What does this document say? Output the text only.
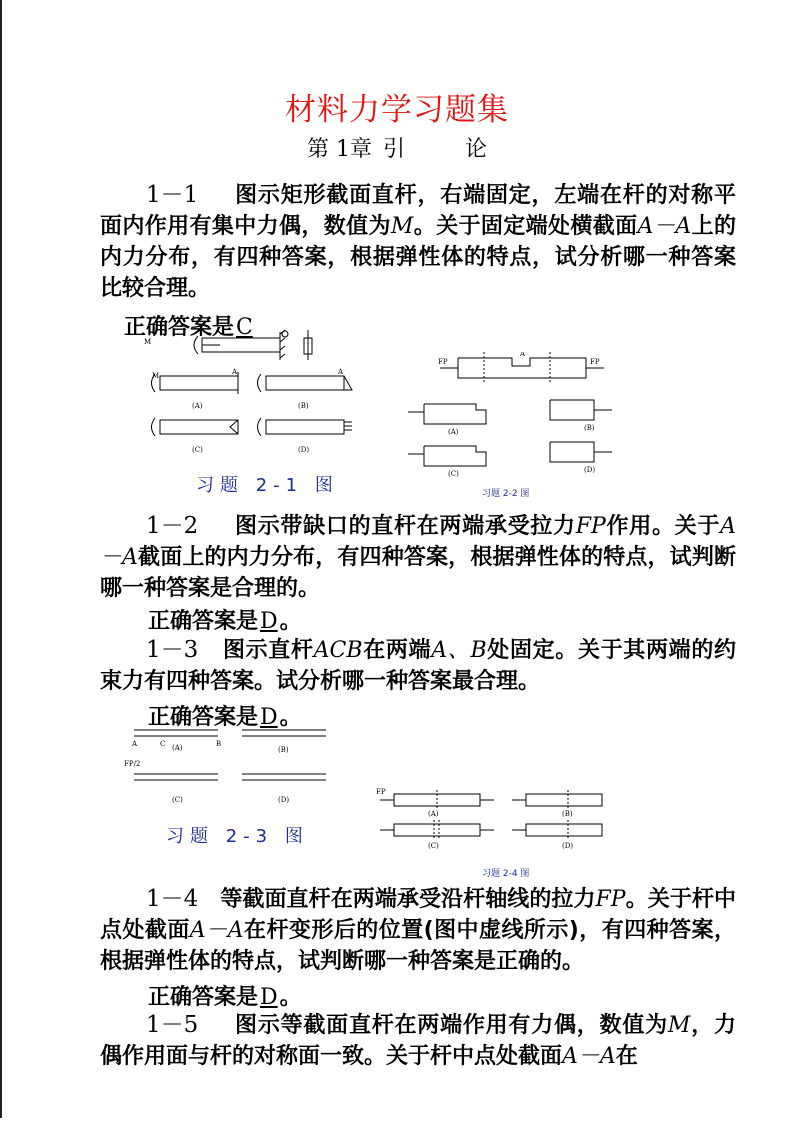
材料力学习题集
第 1章 引	论
1－1 图示矩形截面直杆，右端固定，左端在杆的对称平面内作用有集中力偶，数值为M。关于固定端处横截面A－A上的内力分布，有四种答案，根据弹性体的特点，试分析哪一种答案比较合理。
正确答案是C
M
M	A	A
(A)	(B)
(C)	(D)
习题 2-1 图
FP	FP
A
(A)	(B)
(C)	(D)
习题 2-2 图
1－2 图示带缺口的直杆在两端承受拉力FP作用。关于A－A截面上的内力分布，有四种答案，根据弹性体的特点，试判断哪一种答案是合理的。
正确答案是D。
1－3 图示直杆ACB在两端A、B处固定。关于其两端的约束力有四种答案。试分析哪一种答案最合理。
正确答案是D。
A	C	B
(A)	(B)
FP/2
(C)	(D)
习题 2-3 图
FP
(A)	(B)
(C)	(D)
习题 2-4 图
1－4 等截面直杆在两端承受沿杆轴线的拉力FP。关于杆中点处截面A－A在杆变形后的位置(图中虚线所示)，有四种答案，根据弹性体的特点，试判断哪一种答案是正确的。
正确答案是D。
1－5 图示等截面直杆在两端作用有力偶，数值为M，力偶作用面与杆的对称面一致。关于杆中点处截面A－A在
